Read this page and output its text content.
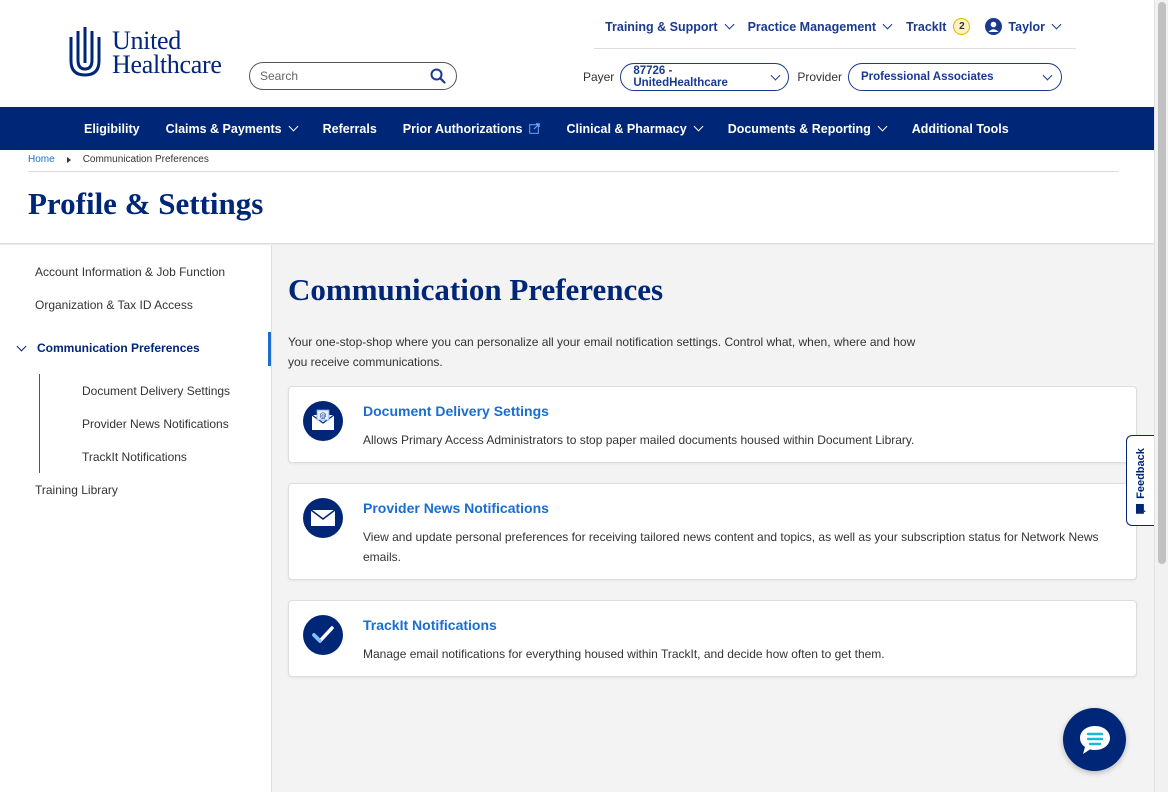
United
Healthcare
Search
Training & Support Practice Management TrackIt	2	Taylor
Payer 87726 - UnitedHealthcare	Provider Professional Associates
Eligibility Claims & Payments	Referrals Prior Authorizations	Clinical & Pharmacy	Documents & Reporting	Additional Tools
Home	Communication Preferences
Profile & Settings
Account Information & Job Function
Organization & Tax ID Access
Communication Preferences
Document Delivery Settings
Provider News Notifications
TrackIt Notifications
Training Library
Communication Preferences
Your one-stop-shop where you can personalize all your email notification settings. Control what, when, where and how you receive communications.
@	Document Delivery Settings
Allows Primary Access Administrators to stop paper mailed documents housed within Document Library.
Provider News Notifications
View and update personal preferences for receiving tailored news content and topics, as well as your subscription status for Network News emails.
TrackIt Notifications
Manage email notifications for everything housed within TrackIt, and decide how often to get them.
Feedback
